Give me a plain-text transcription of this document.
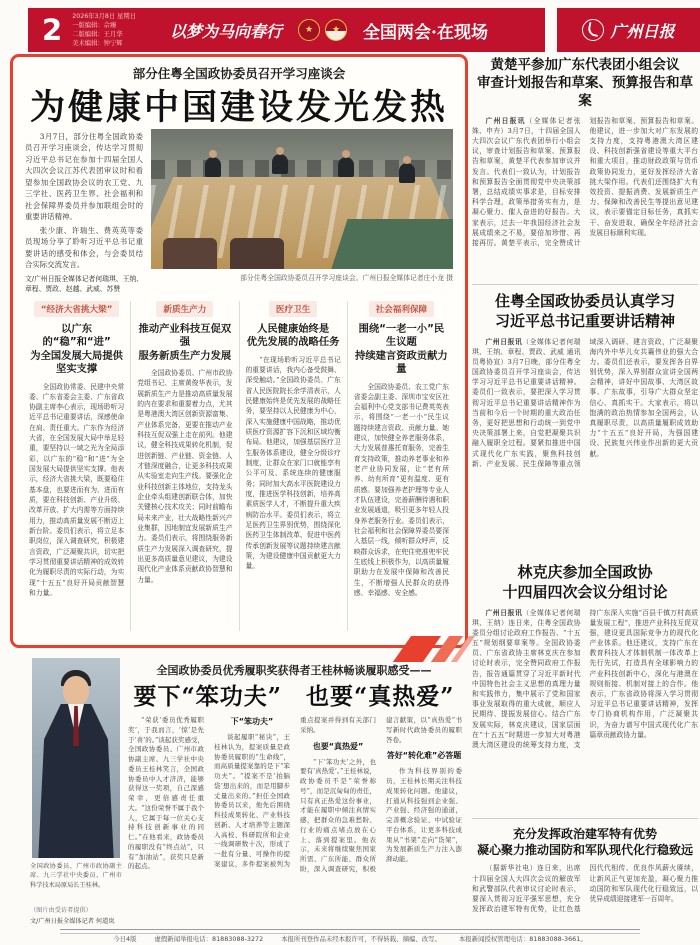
2 2026年3月8日 星期日
一版编辑：佘臻
二版编辑：王月华
美术编辑：钟宁辉
以梦为马向春行	★	★	全国两会·在现场	广州日报
部分住粤全国政协委员召开学习座谈会
为健康中国建设发光发热

3月7日，部分住粤全国政协委员召开学习座谈会，传达学习贯彻习近平总书记在参加十四届全国人大四次会议江苏代表团审议时和看望参加全国政协会议的农工党、九三学社、医药卫生界、社会福利和社会保障界委员并参加联组会时的重要讲话精神。

张少康、许瑞生、费英英等委员现场分享了聆听习近平总书记重要讲话的感受和体会，与会委员结合实际交流发言。

文/广州日报全媒体记者何瑞琪、王纳、章程、贾政、赵越、武威、苏赞

部分住粤全国政协委员召开学习座谈会。广州日报全媒体记者庄小龙 摄
“经济大省挑大梁”
以广东的“稳”和“进”
为全国发展大局提供坚实支撑

全国政协常委、民建中央常委、广东省委会主委、广东省政协副主席李心表示，现场聆听习近平总书记重要讲话，深感使命在肩、责任重大。广东作为经济大省，在全国发展大局中举足轻重，要坚持以一域之光为全局添彩，以广东的“稳”和“进”为全国发展大局提供坚实支撑。他表示，经济大省挑大梁，既要稳住基本盘，也要进而有为、进而有质，要在科技创新、产业升级、改革开放、扩大内需等方面持续用力，推动高质量发展不断迈上新台阶。委员们表示，将立足本职岗位，深入调查研究，积极建言资政，广泛凝聚共识，切实把学习贯彻重要讲话精神的成效转化为履职尽责的实际行动，为实现“十五五”良好开局贡献智慧和力量。

新质生产力
推动产业科技互促双强
服务新质生产力发展

全国政协委员、广州市政协党组书记、主席黄俊华表示，发展新质生产力是推动高质量发展的内在要求和重要着力点，尤其是粤港澳大湾区创新资源富集、产业体系完备，更要在推动产业科技互促双强上走在前列。他建议，健全科技成果转化机制，促进创新链、产业链、资金链、人才链深度融合，让更多科技成果从实验室走向生产线。要强化企业科技创新主体地位，支持龙头企业牵头组建创新联合体，加快关键核心技术攻关；同时前瞻布局未来产业，壮大战略性新兴产业集群，因地制宜发展新质生产力。委员们表示，将围绕服务新质生产力发展深入调查研究，提出更多高质量意见建议，为建设现代化产业体系贡献政协智慧和力量。

医疗卫生
人民健康始终是
优先发展的战略任务

“在现场聆听习近平总书记的重要讲话，我内心备受鼓舞、深受触动。”全国政协委员、广东省人民医院院长余学清表示，人民健康始终是优先发展的战略任务，要坚持以人民健康为中心，深入实施健康中国战略，推动优质医疗资源扩容下沉和区域均衡布局。他建议，加强基层医疗卫生服务体系建设，健全分级诊疗制度，让群众在家门口就能享有公平可及、系统连续的健康服务；同时加大高水平医院建设力度，推进医学科技创新，培养高素质医学人才，不断提升重大疾病防治水平。委员们表示，将立足医药卫生界别优势，围绕深化医药卫生体制改革、促进中医药传承创新发展等议题持续建言献策，为建设健康中国贡献更大力量。

社会福利保障
围绕“一老一小”民生议题
持续建言资政贡献力量

全国政协委员、农工党广东省委会副主委、深圳市宝安区社会福利中心党支部书记费英英表示，将围绕“一老一小”民生议题持续建言资政、贡献力量。她建议，加快健全养老服务体系，大力发展普惠托育服务，完善生育支持政策，推动养老事业和养老产业协同发展，让“老有所养、幼有所育”更有温度、更有质感。要加强养老护理等专业人才队伍建设，完善薪酬待遇和职业发展通道，吸引更多年轻人投身养老服务行业。委员们表示，社会福利和社会保障界委员要深入基层一线，倾听群众呼声，反映群众诉求，在兜住兜准兜牢民生底线上积极作为，以高质量履职助力在发展中保障和改善民生，不断增强人民群众的获得感、幸福感、安全感。

黄楚平参加广东代表团小组会议
审查计划报告和草案、预算报告和草案

广州日报讯（全媒体记者张姝、申卉）3月7日，十四届全国人大四次会议广东代表团举行小组会议，审查计划报告和草案、预算报告和草案，黄楚平代表参加审议并发言。代表们一致认为，计划报告和预算报告全面贯彻党中央决策部署，总结成绩实事求是，目标安排科学合理，政策举措务实有力，是凝心聚力、催人奋进的好报告。大家表示，过去一年我国经济社会发展成绩来之不易，要倍加珍惜、再接再厉。黄楚平表示，完全赞成计划报告和草案、预算报告和草案。他建议，进一步加大对广东发展的支持力度，支持粤港澳大湾区建设、科技创新强省建设等重大平台和重大项目，推动财政政策与货币政策协同发力，更好发挥经济大省挑大梁作用。代表们还围绕扩大有效投资、提振消费、发展新质生产力、保障和改善民生等提出意见建议，表示要锚定目标任务，真抓实干、奋发进取，确保全年经济社会发展目标顺利实现。

住粤全国政协委员认真学习
习近平总书记重要讲话精神

广州日报讯（全媒体记者何瑞琪、王纳、章程、贾政、武威 通讯员粤协宣）3月7日晚，部分住粤全国政协委员召开学习座谈会，传达学习习近平总书记重要讲话精神。委员们一致表示，要把深入学习贯彻习近平总书记重要讲话精神作为当前和今后一个时期的重大政治任务，更好把思想和行动统一到党中央决策部署上来，自觉把凝聚共识融入履职全过程。要紧扣推进中国式现代化广东实践，聚焦科技创新、产业发展、民生保障等重点领域深入调研、建言资政，广泛凝聚海内外中华儿女共襄伟业的强大合力。委员们还表示，要发挥各自界别优势，深入界别群众宣讲全国两会精神，讲好中国故事、大湾区故事、广东故事，引导广大群众坚定信心、真抓实干。大家表示，将以饱满的政治热情参加全国两会，认真履职尽责，以高质量履职成效助力“十五五”良好开局，为强国建设、民族复兴伟业作出新的更大贡献。

林克庆参加全国政协
十四届四次会议分组讨论

广州日报讯（全媒体记者何瑞琪、王纳）连日来，住粤全国政协委员分组讨论政府工作报告、“十五五”规划纲要草案等。全国政协委员、广东省政协主席林克庆在参加讨论时表示，完全赞同政府工作报告，报告通篇贯穿了习近平新时代中国特色社会主义思想的真理力量和实践伟力，集中展示了党和国家事业发展取得的重大成就，顺应人民期待、提振发展信心。结合广东发展实际，林克庆建议，国家层面在“十五五”时期进一步加大对粤港澳大湾区建设的统筹支持力度，支持广东深入实施“百县千镇万村高质量发展工程”，推进产业科技互促双强，建设更具国际竞争力的现代化产业体系。他还建议，支持广东在教育科技人才体制机制一体改革上先行先试，打造具有全球影响力的产业科技创新中心，深化与港澳在规则衔接、机制对接上的合作。他表示，广东省政协将深入学习贯彻习近平总书记重要讲话精神，发挥专门协商机构作用，广泛凝聚共识，为奋力谱写中国式现代化广东篇章贡献政协力量。

充分发挥政治建军特有优势
凝心聚力推动国防和军队现代化行稳致远

（据新华社电）连日来，出席十四届全国人大四次会议的解放军和武警部队代表审议讨论时表示，要深入贯彻习近平强军思想，充分发挥政治建军特有优势，让红色基因代代相传、优良作风薪火赓续，让新风正气更加充盈，凝心聚力推动国防和军队现代化行稳致远，以优异成绩迎接建军一百周年。

全国政协委员、广州市政协副主席、九三学社中央委员、广州市科学技术局原局长王桂林。
（图片由受访者提供）
文/广州日报全媒体记者 何道岚
全国政协委员优秀履职奖获得者王桂林畅谈履职感受——
要下“笨功夫”　也要“真热爱”

“荣获‘委员优秀履职奖’，于我而言，‘惊’是先于‘喜’的。”谈起获奖感受，全国政协委员、广州市政协副主席、九三学社中央委员王桂林笑言，全国政协委员中人才济济，能够获得这一奖项，自己深感荣幸，更倍感责任重大。“这份荣誉不属于我个人，它属于每一位关心支持科技创新事业的同仁。”在他看来，政协委员的履职没有“终点站”，只有“加油站”，获奖只是新的起点。

下“笨功夫”

谈起履职“秘诀”，王桂林认为，提案质量是政协委员履职的“生命线”，而高质量提案靠的是下“笨功夫”。“提案不是‘拍脑袋’想出来的，而是用脚步丈量出来的。”担任全国政协委员以来，他先后围绕科技成果转化、产业科技创新、人才培养等主题深入高校、科研院所和企业一线调研数十次，形成了一批有分量、可操作的提案建议，多件提案被列为重点提案并得到有关部门采纳。

也要“真热爱”

“下‘笨功夫’之外，也要有‘真热爱’。”王桂林说，政协委员不是“荣誉称号”，而是沉甸甸的责任，只有真正热爱这份事业，才能在履职中倾注真情实感，把群众的急难愁盼、行业的痛点堵点放在心上、落到提案里。他表示，未来将继续聚焦国家所需、广东所能、群众所盼，深入调查研究，积极建言献策，以“真热爱”书写新时代政协委员的履职答卷。

答好“转化难”必答题

作为科技界别的委员，王桂林长期关注科技成果转化问题。他建议，打通从科技强到企业强、产业强、经济强的通道，完善概念验证、中试验证平台体系，让更多科技成果从“书架”走向“货架”，为发展新质生产力注入澎湃动能。

今日4版	虚假新闻举报电话：81883088-3272	本报所刊登作品未经本报许可，不得转载、摘编、改写。	本报新闻授权管理电话：81883088-3661。
